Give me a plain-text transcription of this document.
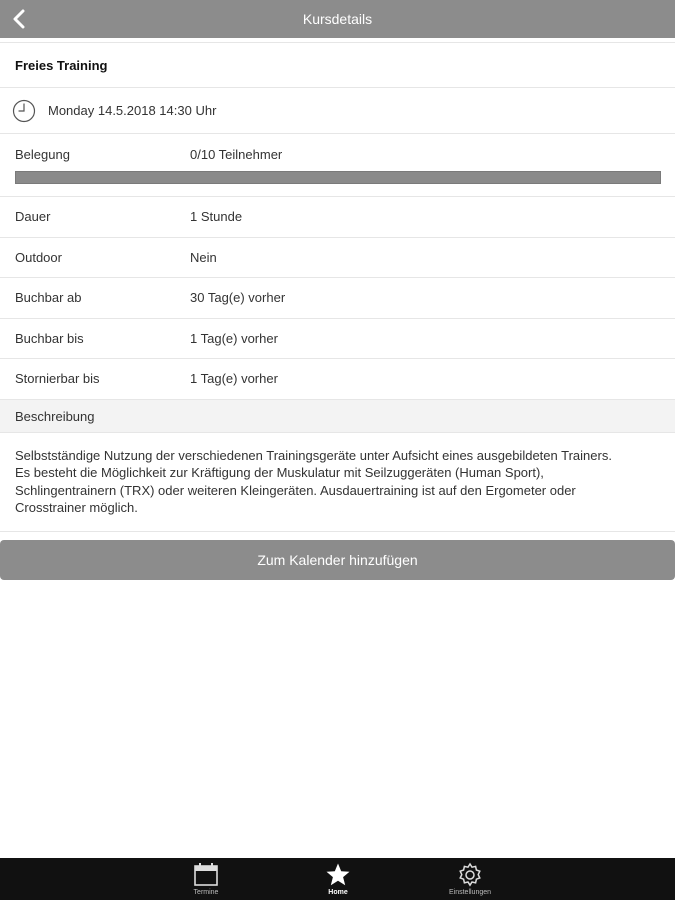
Kursdetails
Freies Training
Monday 14.5.2018 14:30 Uhr
Belegung	0/10 Teilnehmer
Dauer	1 Stunde
Outdoor	Nein
Buchbar ab	30 Tag(e) vorher
Buchbar bis	1 Tag(e) vorher
Stornierbar bis	1 Tag(e) vorher
Beschreibung
Selbstständige Nutzung der verschiedenen Trainingsgeräte unter Aufsicht eines ausgebildeten Trainers. Es besteht die Möglichkeit zur Kräftigung der Muskulatur mit Seilzuggeräten (Human Sport), Schlingentrainern (TRX) oder weiteren Kleingeräten. Ausdauertraining ist auf den Ergometer oder Crosstrainer möglich.
Zum Kalender hinzufügen
Termine	Home	Einstellungen
